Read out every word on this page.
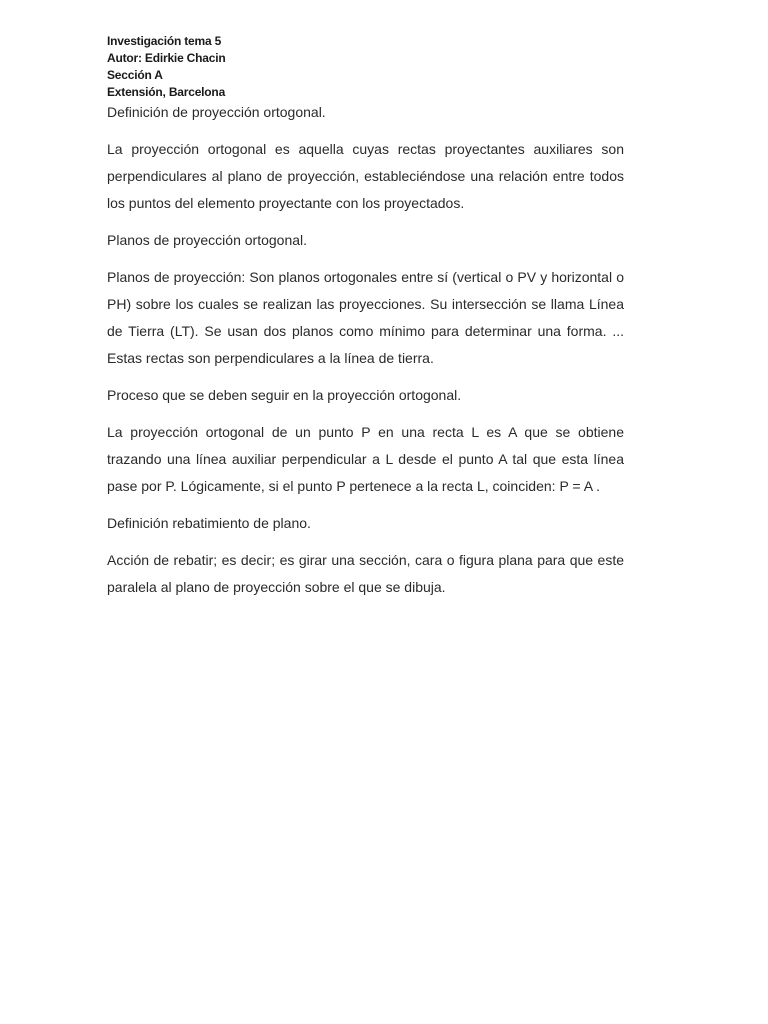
Investigación tema 5
Autor: Edirkie Chacin
Sección A
Extensión, Barcelona

Definición de proyección ortogonal.

La proyección ortogonal es aquella cuyas rectas proyectantes auxiliares son perpendiculares al plano de proyección, estableciéndose una relación entre todos los puntos del elemento proyectante con los proyectados.

Planos de proyección ortogonal.

Planos de proyección: Son planos ortogonales entre sí (vertical o PV y horizontal o PH) sobre los cuales se realizan las proyecciones. Su intersección se llama Línea de Tierra (LT). Se usan dos planos como mínimo para determinar una forma. ... Estas rectas son perpendiculares a la línea de tierra.

Proceso que se deben seguir en la proyección ortogonal.

La proyección ortogonal de un punto P en una recta L es A que se obtiene trazando una línea auxiliar perpendicular a L desde el punto A tal que esta línea pase por P. Lógicamente, si el punto P pertenece a la recta L, coinciden: P = A .

Definición rebatimiento de plano.

Acción de rebatir; es decir; es girar una sección, cara o figura plana para que este paralela al plano de proyección sobre el que se dibuja.
